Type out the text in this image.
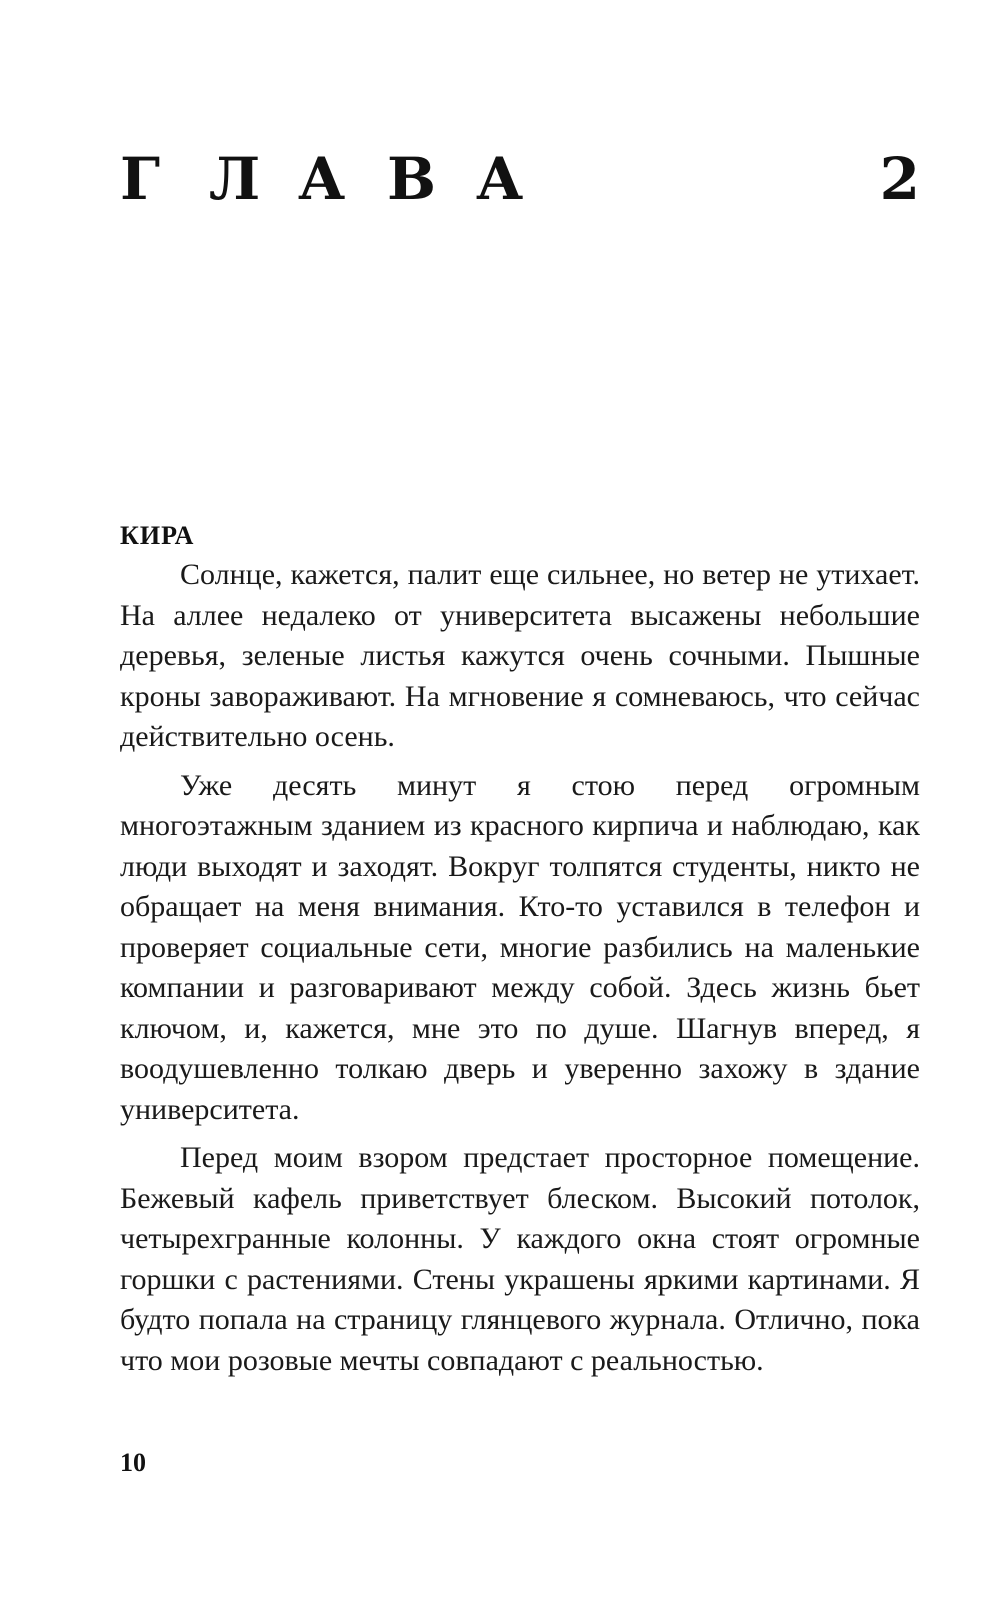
Г Л А В А	2
КИРА

Солнце, кажется, палит еще сильнее, но ветер не утихает. На аллее недалеко от университета высажены небольшие деревья, зеленые листья кажутся очень сочными. Пышные кроны завораживают. На мгновение я сомневаюсь, что сейчас действительно осень.

Уже десять минут я стою перед огромным многоэтажным зданием из красного кирпича и наблюдаю, как люди выходят и заходят. Вокруг толпятся студенты, никто не обращает на меня внимания. Кто-то уставился в телефон и проверяет социальные сети, многие разбились на маленькие компании и разговаривают между собой. Здесь жизнь бьет ключом, и, кажется, мне это по душе. Шагнув вперед, я воодушевленно толкаю дверь и уверенно захожу в здание университета.

Перед моим взором предстает просторное помещение. Бежевый кафель приветствует блеском. Высокий потолок, четырехгранные колонны. У каждого окна стоят огромные горшки с растениями. Стены украшены яркими картинами. Я будто попала на страницу глянцевого журнала. Отлично, пока что мои розовые мечты совпадают с реальностью.

10
